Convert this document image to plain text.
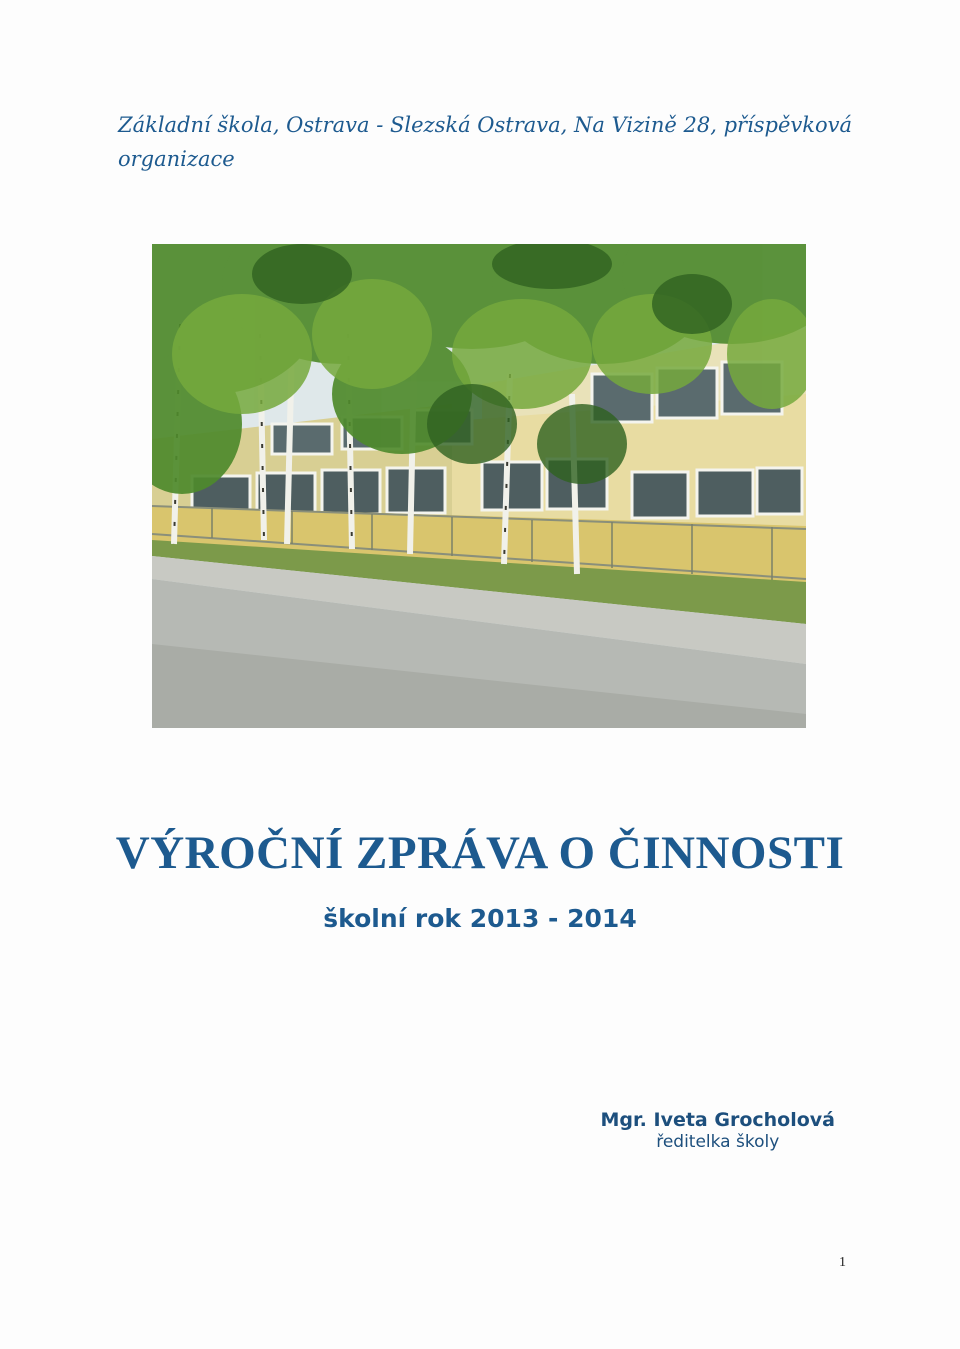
Základní škola, Ostrava - Slezská Ostrava, Na Vizině 28, příspěvková
organizace
VÝROČNÍ ZPRÁVA O ČINNOSTI
školní rok 2013 - 2014
Mgr. Iveta Grocholová
ředitelka školy
1
